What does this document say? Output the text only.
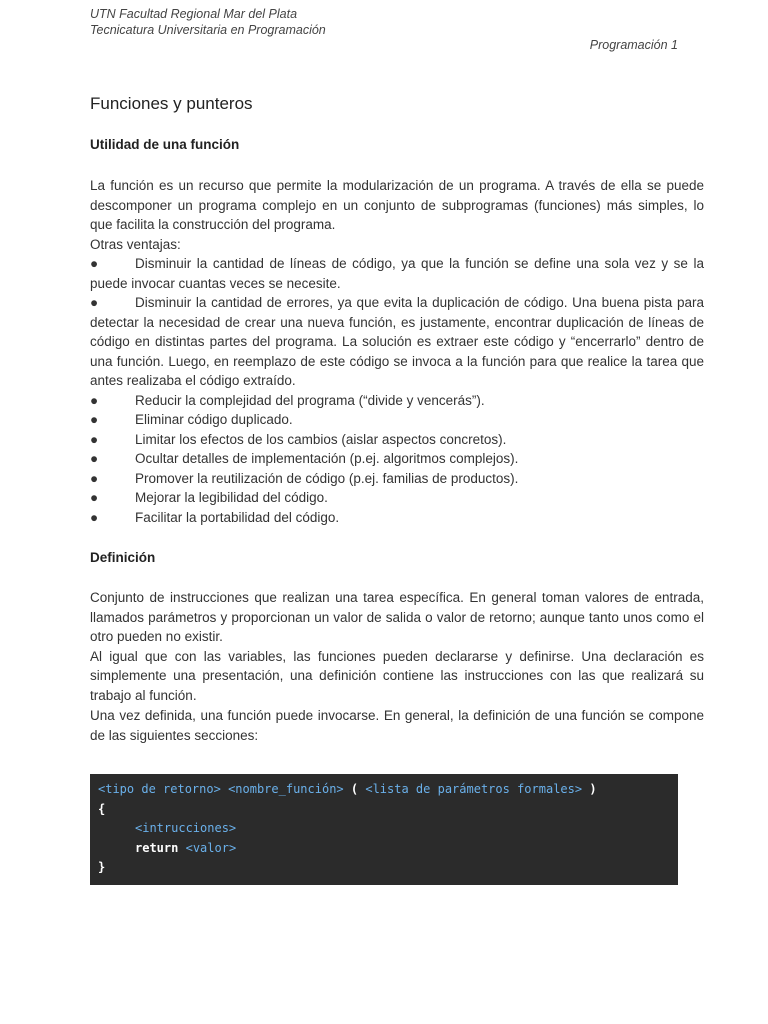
UTN Facultad Regional Mar del Plata
Tecnicatura Universitaria en Programación
Programación 1
Funciones y punteros
Utilidad de una función

La función es un recurso que permite la modularización de un programa. A través de ella se puede descomponer un programa complejo en un conjunto de subprogramas (funciones) más simples, lo que facilita la construcción del programa.

Otras ventajas:

●	Disminuir la cantidad de líneas de código, ya que la función se define una sola vez y se la puede invocar cuantas veces se necesite.
●	Disminuir la cantidad de errores, ya que evita la duplicación de código. Una buena pista para detectar la necesidad de crear una nueva función, es justamente, encontrar duplicación de líneas de código en distintas partes del programa. La solución es extraer este código y “encerrarlo” dentro de una función. Luego, en reemplazo de este código se invoca a la función para que realice la tarea que antes realizaba el código extraído.
●	Reducir la complejidad del programa (“divide y vencerás”).
●	Eliminar código duplicado.
●	Limitar los efectos de los cambios (aislar aspectos concretos).
●	Ocultar detalles de implementación (p.ej. algoritmos complejos).
●	Promover la reutilización de código (p.ej. familias de productos).
●	Mejorar la legibilidad del código.
●	Facilitar la portabilidad del código.
Definición

Conjunto de instrucciones que realizan una tarea específica. En general toman valores de entrada, llamados parámetros y proporcionan un valor de salida o valor de retorno; aunque tanto unos como el otro pueden no existir.

Al igual que con las variables, las funciones pueden declararse y definirse. Una declaración es simplemente una presentación, una definición contiene las instrucciones con las que realizará su trabajo al función.

Una vez definida, una función puede invocarse. En general, la definición de una función se compone de las siguientes secciones:

<tipo de retorno> <nombre_función> ( <lista de parámetros formales> )
{
<intrucciones>
return <valor>
}
